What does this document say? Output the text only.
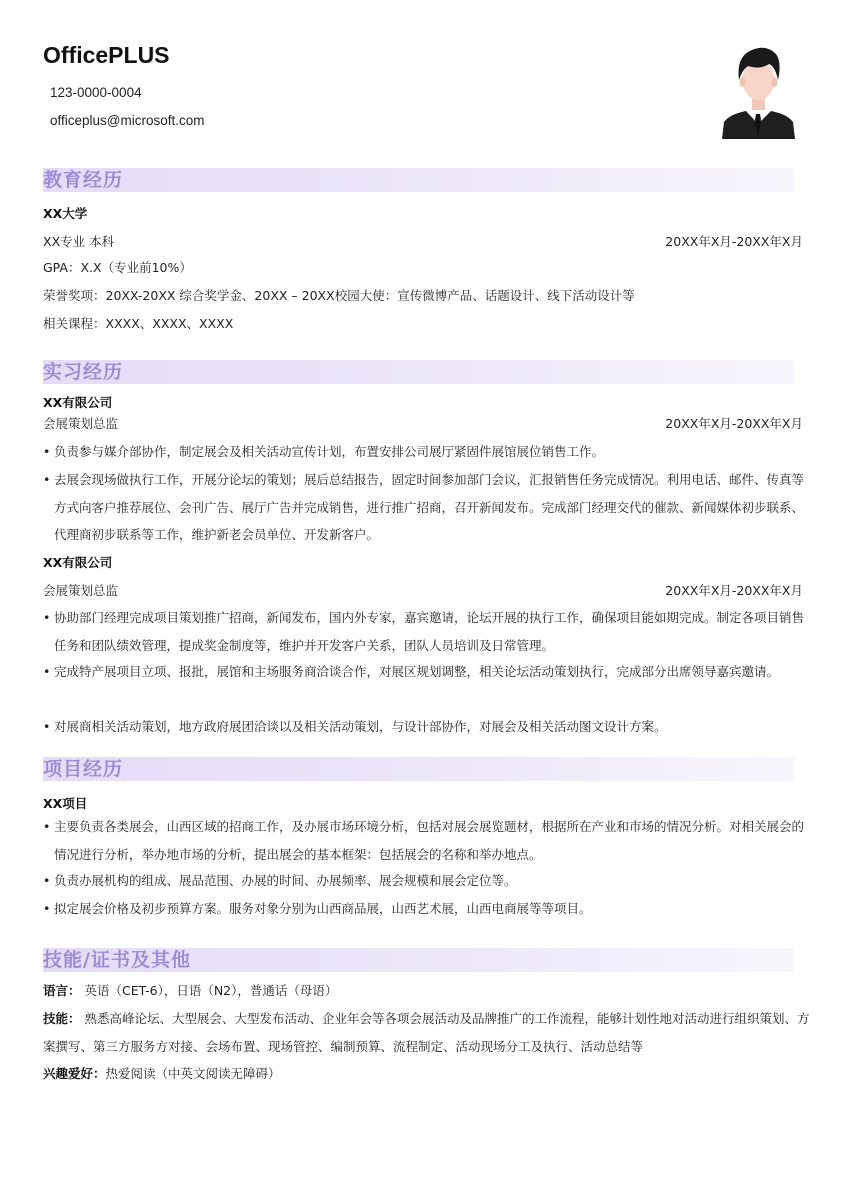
OfficePLUS
123-0000-0004
officeplus@microsoft.com
教育经历
XX大学
XX专业 本科	20XX年X月-20XX年X月
GPA：X.X（专业前10%）
荣誉奖项：20XX-20XX 综合奖学金、20XX – 20XX校园大使：宣传微博产品、话题设计、线下活动设计等
相关课程：XXXX、XXXX、XXXX
实习经历
XX有限公司
会展策划总监	20XX年X月-20XX年X月
• 负责参与媒介部协作，制定展会及相关活动宣传计划，布置安排公司展厅紧固件展馆展位销售工作。
• 去展会现场做执行工作，开展分论坛的策划；展后总结报告，固定时间参加部门会议，汇报销售任务完成情况。利用电话、邮件、传真等方式向客户推荐展位、会刊广告、展厅广告并完成销售，进行推广招商，召开新闻发布。完成部门经理交代的催款、新闻媒体初步联系、代理商初步联系等工作，维护新老会员单位、开发新客户。
XX有限公司
会展策划总监	20XX年X月-20XX年X月
• 协助部门经理完成项目策划推广招商，新闻发布，国内外专家，嘉宾邀请，论坛开展的执行工作，确保项目能如期完成。制定各项目销售任务和团队绩效管理，提成奖金制度等，维护并开发客户关系，团队人员培训及日常管理。
• 完成特产展项目立项、报批，展馆和主场服务商洽谈合作，对展区规划调整，相关论坛活动策划执行，完成部分出席领导嘉宾邀请。
• 对展商相关活动策划，地方政府展团洽谈以及相关活动策划，与设计部协作，对展会及相关活动图文设计方案。
项目经历
XX项目
• 主要负责各类展会，山西区域的招商工作，及办展市场环境分析，包括对展会展览题材，根据所在产业和市场的情况分析。对相关展会的情况进行分析，举办地市场的分析，提出展会的基本框架：包括展会的名称和举办地点。
• 负责办展机构的组成、展品范围、办展的时间、办展频率、展会规模和展会定位等。
• 拟定展会价格及初步预算方案。服务对象分别为山西商品展，山西艺术展，山西电商展等等项目。
技能/证书及其他
语言： 英语（CET-6），日语（N2），普通话（母语）
技能： 熟悉高峰论坛、大型展会、大型发布活动、企业年会等各项会展活动及品牌推广的工作流程，能够计划性地对活动进行组织策划、方案撰写、第三方服务方对接、会场布置、现场管控、编制预算、流程制定、活动现场分工及执行、活动总结等
兴趣爱好：热爱阅读（中英文阅读无障碍）
